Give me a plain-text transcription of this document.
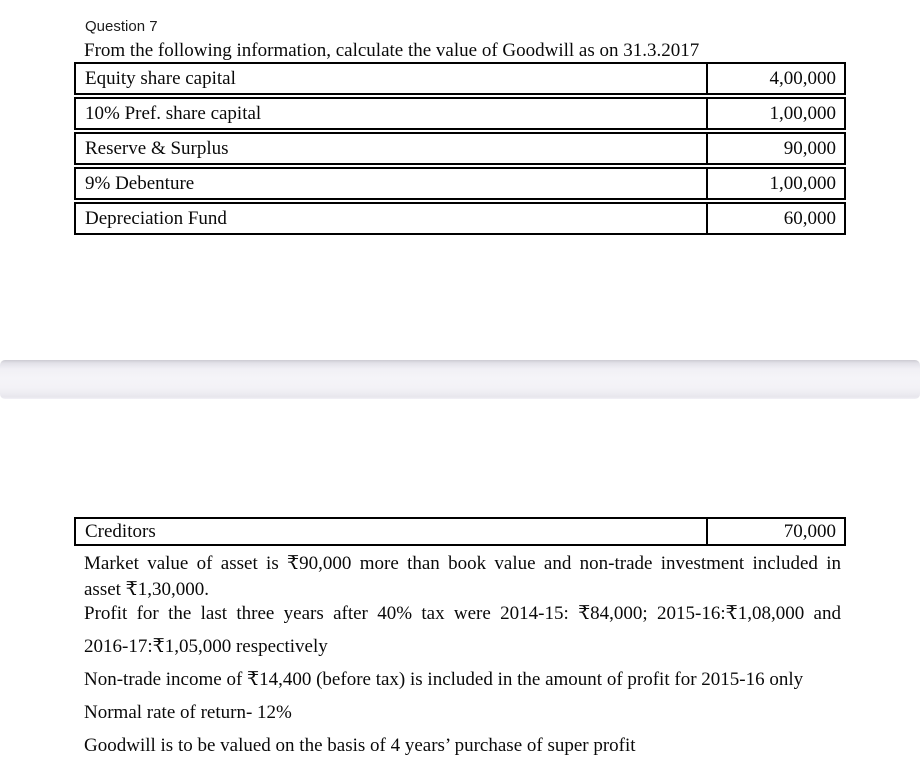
Question 7
From the following information, calculate the value of Goodwill as on 31.3.2017
Equity share capital	4,00,000
10% Pref. share capital	1,00,000
Reserve & Surplus	90,000
9% Debenture	1,00,000
Depreciation Fund	60,000
Creditors	70,000
Market value of asset is ₹90,000 more than book value and non-trade investment included in
asset ₹1,30,000.
Profit for the last three years after 40% tax were 2014-15: ₹84,000; 2015-16:₹1,08,000 and
2016-17:₹1,05,000 respectively
Non-trade income of ₹14,400 (before tax) is included in the amount of profit for 2015-16 only
Normal rate of return- 12%
Goodwill is to be valued on the basis of 4 years’ purchase of super profit
